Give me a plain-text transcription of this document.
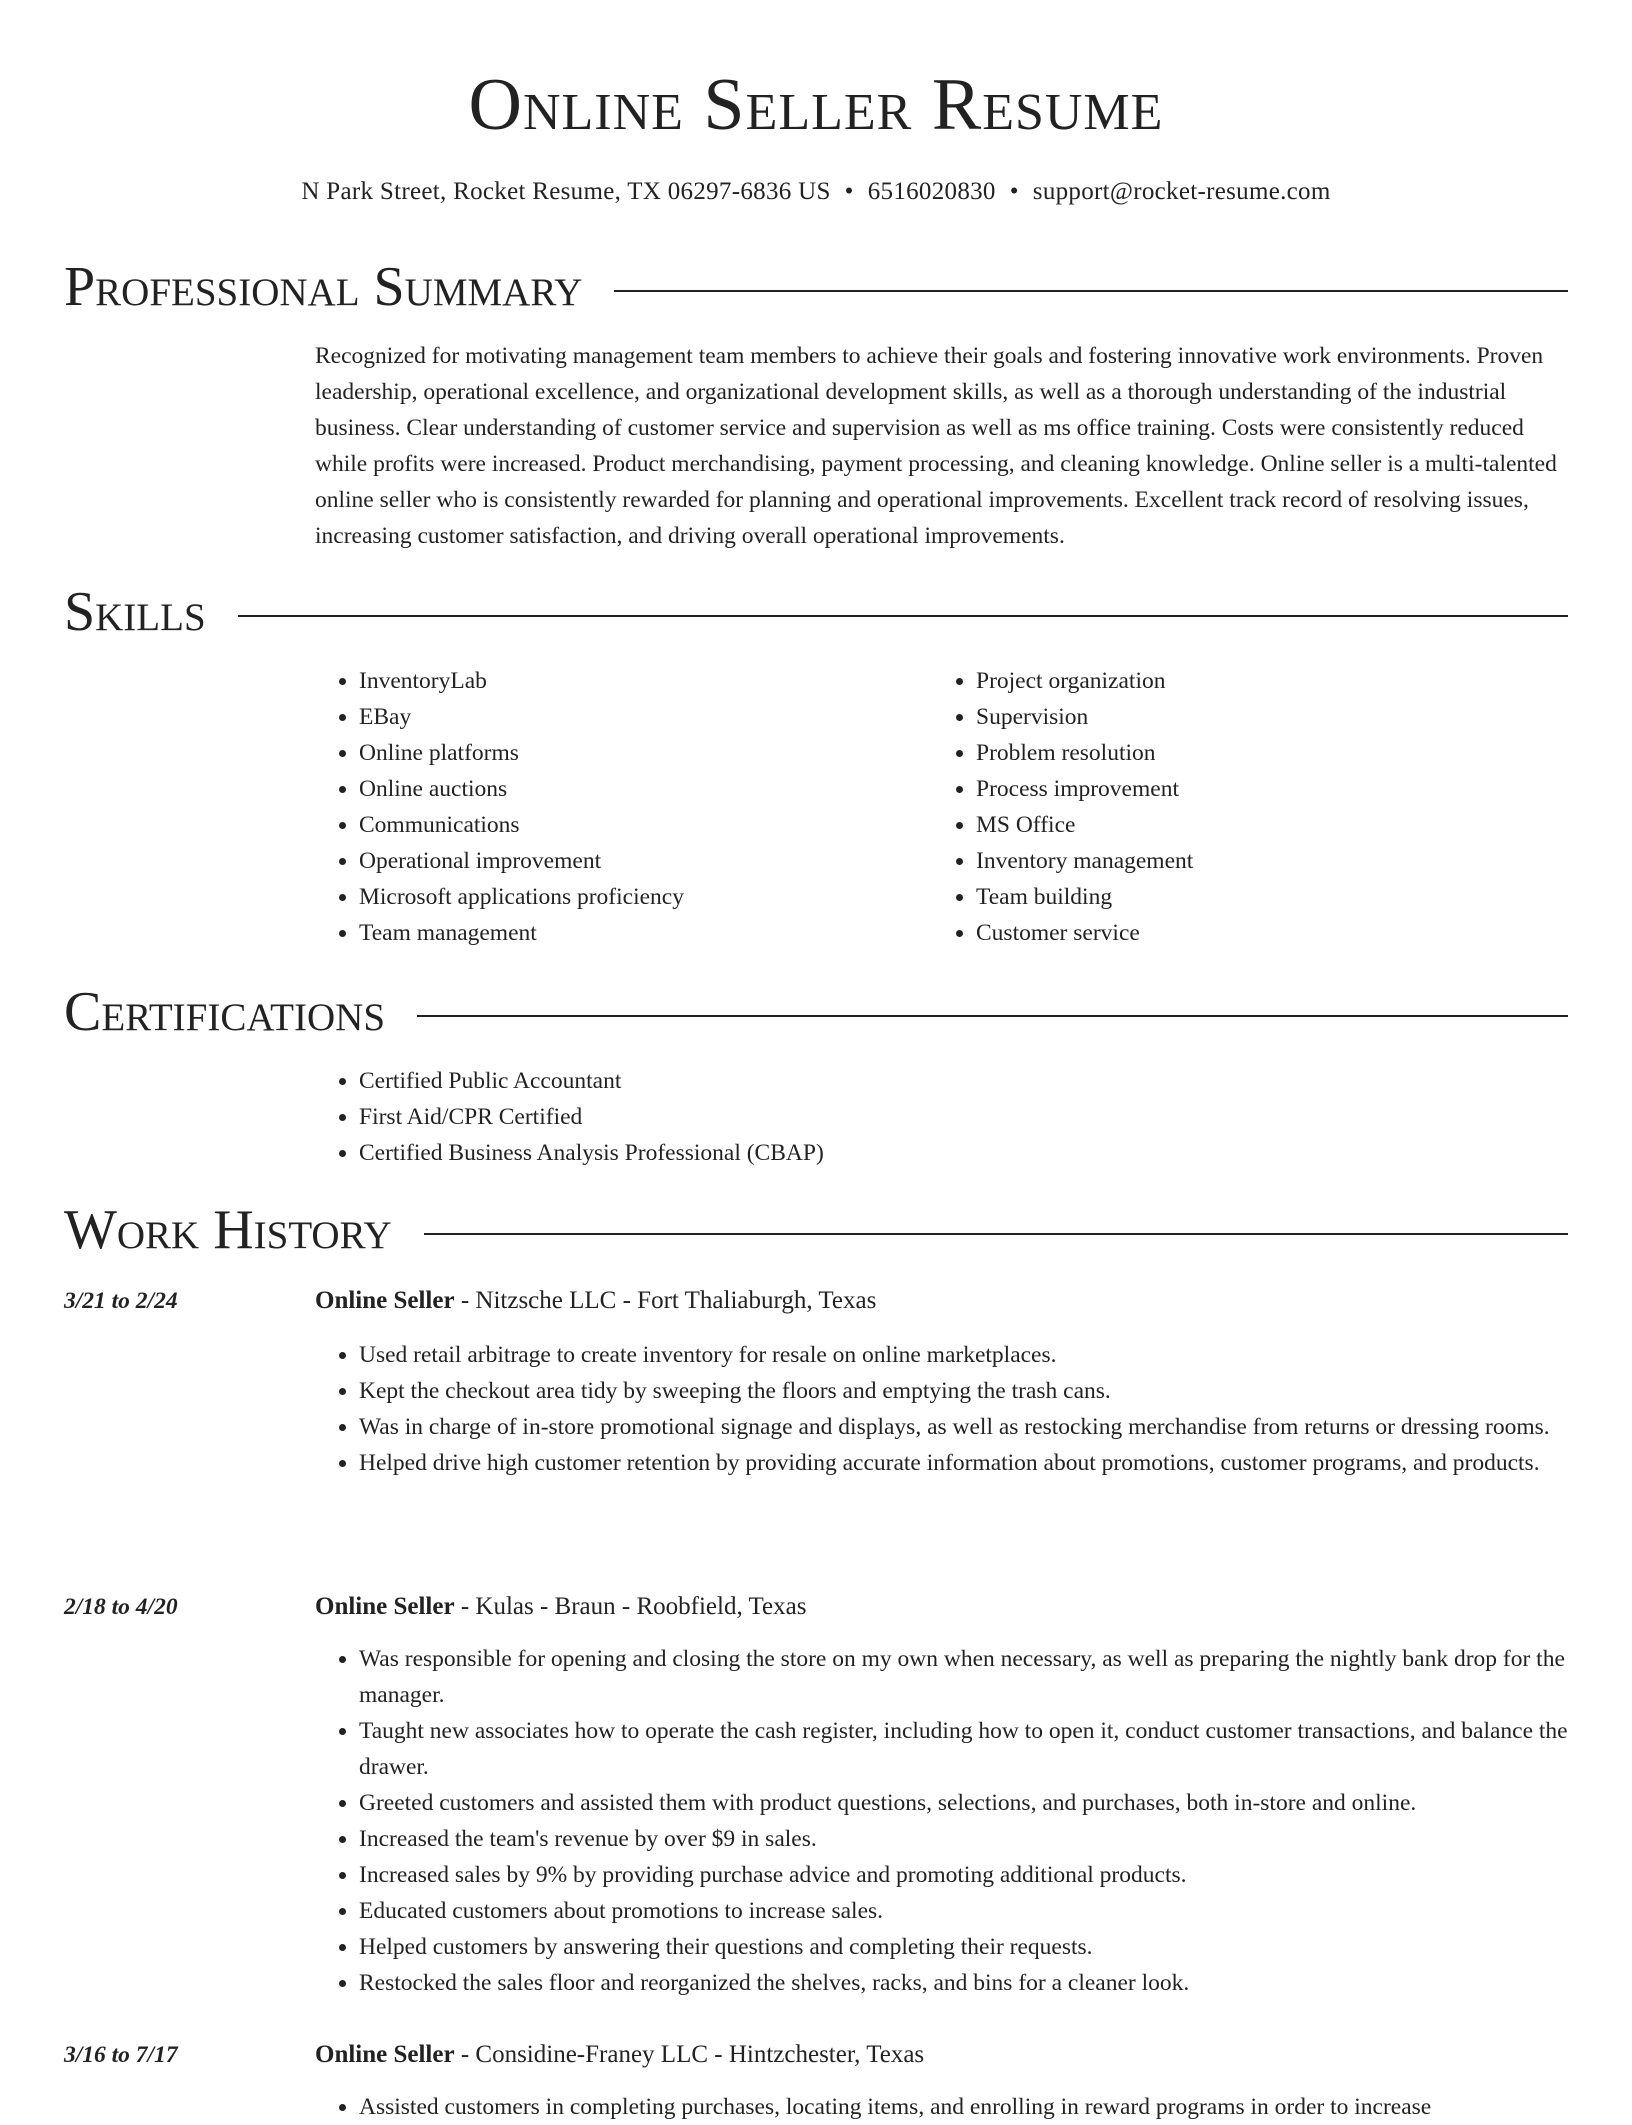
Online Seller Resume
N Park Street, Rocket Resume, TX 06297-6836 US • 6516020830 • support@rocket-resume.com
Professional Summary

Recognized for motivating management team members to achieve their goals and fostering innovative work environments. Proven leadership, operational excellence, and organizational development skills, as well as a thorough understanding of the industrial business. Clear understanding of customer service and supervision as well as ms office training. Costs were consistently reduced while profits were increased. Product merchandising, payment processing, and cleaning knowledge. Online seller is a multi-talented online seller who is consistently rewarded for planning and operational improvements. Excellent track record of resolving issues, increasing customer satisfaction, and driving overall operational improvements.

Skills
• InventoryLab
• EBay
• Online platforms
• Online auctions
• Communications
• Operational improvement
• Microsoft applications proficiency
• Team management
• Project organization
• Supervision
• Problem resolution
• Process improvement
• MS Office
• Inventory management
• Team building
• Customer service
Certifications
• Certified Public Accountant
• First Aid/CPR Certified
• Certified Business Analysis Professional (CBAP)
Work History
3/21 to 2/24	Online Seller - Nitzsche LLC - Fort Thaliaburgh, Texas
• Used retail arbitrage to create inventory for resale on online marketplaces.
• Kept the checkout area tidy by sweeping the floors and emptying the trash cans.
• Was in charge of in-store promotional signage and displays, as well as restocking merchandise from returns or dressing rooms.
• Helped drive high customer retention by providing accurate information about promotions, customer programs, and products.
2/18 to 4/20	Online Seller - Kulas - Braun - Roobfield, Texas
• Was responsible for opening and closing the store on my own when necessary, as well as preparing the nightly bank drop for the manager.
• Taught new associates how to operate the cash register, including how to open it, conduct customer transactions, and balance the drawer.
• Greeted customers and assisted them with product questions, selections, and purchases, both in-store and online.
• Increased the team's revenue by over $9 in sales.
• Increased sales by 9% by providing purchase advice and promoting additional products.
• Educated customers about promotions to increase sales.
• Helped customers by answering their questions and completing their requests.
• Restocked the sales floor and reorganized the shelves, racks, and bins for a cleaner look.
3/16 to 7/17	Online Seller - Considine-Franey LLC - Hintzchester, Texas
• Assisted customers in completing purchases, locating items, and enrolling in reward programs in order to increase
